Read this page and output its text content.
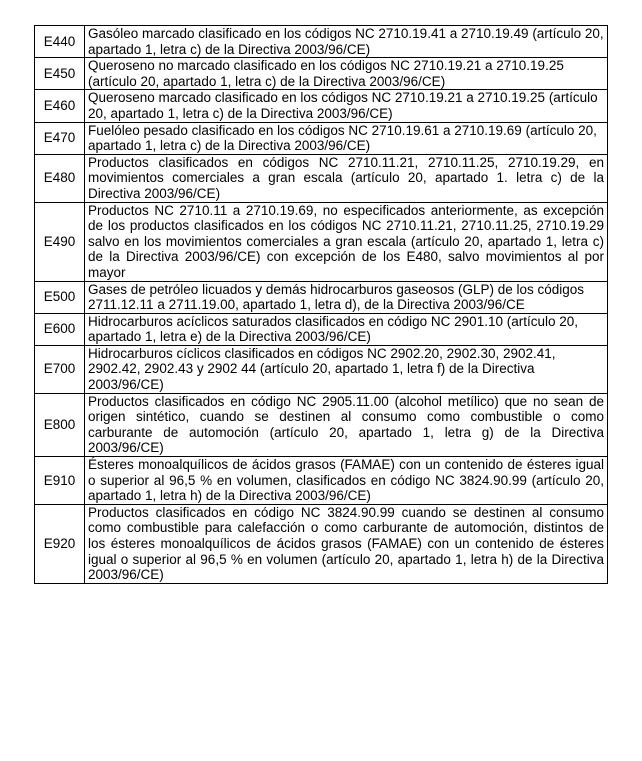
E440	Gasóleo marcado clasificado en los códigos NC 2710.19.41 a 2710.19.49 (artículo 20, apartado 1, letra c) de la Directiva 2003/96/CE)
E450	Queroseno no marcado clasificado en los códigos NC 2710.19.21 a 2710.19.25 (artículo 20, apartado 1, letra c) de la Directiva 2003/96/CE)
E460	Queroseno marcado clasificado en los códigos NC 2710.19.21 a 2710.19.25 (artículo 20, apartado 1, letra c) de la Directiva 2003/96/CE)
E470	Fuelóleo pesado clasificado en los códigos NC 2710.19.61 a 2710.19.69 (artículo 20, apartado 1, letra c) de la Directiva 2003/96/CE)
E480	Productos clasificados en códigos NC 2710.11.21, 2710.11.25, 2710.19.29, en movimientos comerciales a gran escala (artículo 20, apartado 1. letra c) de la Directiva 2003/96/CE)
E490	Productos NC 2710.11 a 2710.19.69, no especificados anteriormente, as excepción de los productos clasificados en los códigos NC 2710.11.21, 2710.11.25, 2710.19.29 salvo en los movimientos comerciales a gran escala (artículo 20, apartado 1, letra c) de la Directiva 2003/96/CE) con excepción de los E480, salvo movimientos al por mayor
E500	Gases de petróleo licuados y demás hidrocarburos gaseosos (GLP) de los códigos 2711.12.11 a 2711.19.00, apartado 1, letra d), de la Directiva 2003/96/CE
E600	Hidrocarburos acíclicos saturados clasificados en código NC 2901.10 (artículo 20, apartado 1, letra e) de la Directiva 2003/96/CE)
E700	Hidrocarburos cíclicos clasificados en códigos NC 2902.20, 2902.30, 2902.41, 2902.42, 2902.43 y 2902 44 (artículo 20, apartado 1, letra f) de la Directiva 2003/96/CE)
E800	Productos clasificados en código NC 2905.11.00 (alcohol metílico) que no sean de origen sintético, cuando se destinen al consumo como combustible o como carburante de automoción (artículo 20, apartado 1, letra g) de la Directiva 2003/96/CE)
E910	Ésteres monoalquílicos de ácidos grasos (FAMAE) con un contenido de ésteres igual o superior al 96,5 % en volumen, clasificados en código NC 3824.90.99 (artículo 20, apartado 1, letra h) de la Directiva 2003/96/CE)
E920	Productos clasificados en código NC 3824.90.99 cuando se destinen al consumo como combustible para calefacción o como carburante de automoción, distintos de los ésteres monoalquílicos de ácidos grasos (FAMAE) con un contenido de ésteres igual o superior al 96,5 % en volumen (artículo 20, apartado 1, letra h) de la Directiva 2003/96/CE)
